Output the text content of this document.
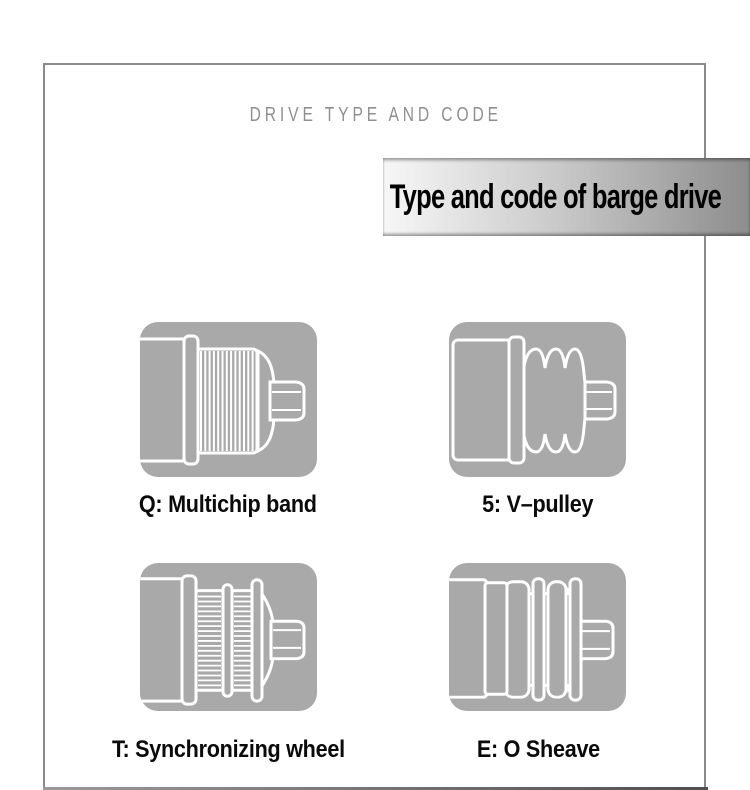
DRIVE TYPE AND CODE
Type and code of barge drive
Q: Multichip band	5: V–pulley
T: Synchronizing wheel	E: O Sheave
